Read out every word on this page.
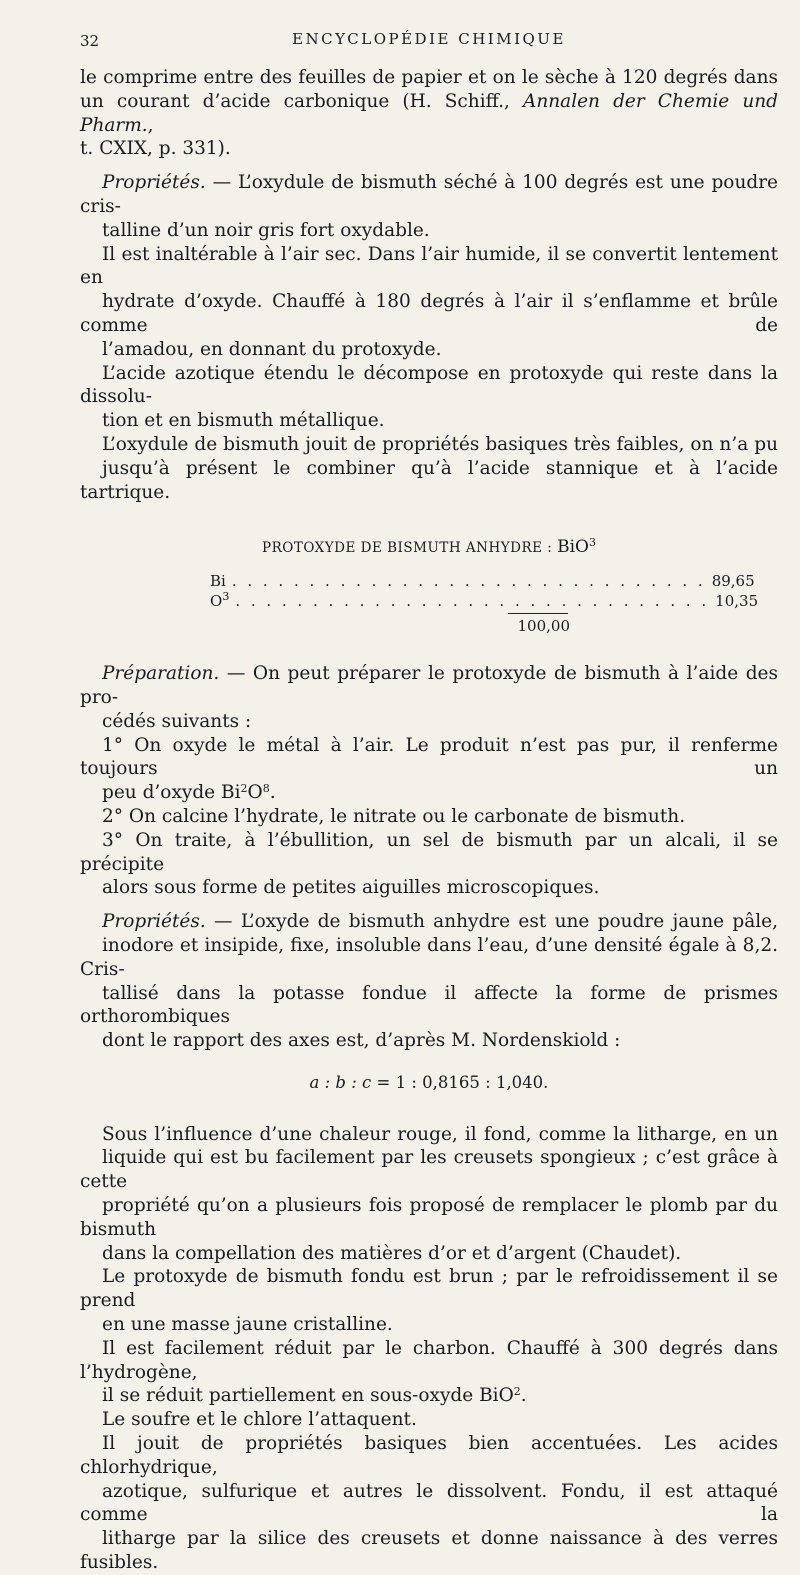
32	ENCYCLOPÉDIE CHIMIQUE

le comprime entre des feuilles de papier et on le sèche à 120 degrés dans
un courant d’acide carbonique (H. Schiff., Annalen der Chemie und Pharm.,
t. CXIX, p. 331).

Propriétés. — L’oxydule de bismuth séché à 100 degrés est une poudre cris-
talline d’un noir gris fort oxydable.

Il est inaltérable à l’air sec. Dans l’air humide, il se convertit lentement en
hydrate d’oxyde. Chauffé à 180 degrés à l’air il s’enflamme et brûle comme de
l’amadou, en donnant du protoxyde.

L’acide azotique étendu le décompose en protoxyde qui reste dans la dissolu-
tion et en bismuth métallique.

L’oxydule de bismuth jouit de propriétés basiques très faibles, on n’a pu
jusqu’à présent le combiner qu’à l’acide stannique et à l’acide tartrique.

PROTOXYDE DE BISMUTH ANHYDRE : BiO$^3$
Bi . . . . . . . . . . . . . . . . . . . . . . . . . . . . . . . 89,65
$O^3$ . . . . . . . . . . . . . . . . . . . . . . . . . . . . . . . 10,35
100,00

Préparation. — On peut préparer le protoxyde de bismuth à l’aide des pro-
cédés suivants :

1° On oxyde le métal à l’air. Le produit n’est pas pur, il renferme toujours un
peu d’oxyde $Bi^2O^8$.

2° On calcine l’hydrate, le nitrate ou le carbonate de bismuth.

3° On traite, à l’ébullition, un sel de bismuth par un alcali, il se précipite
alors sous forme de petites aiguilles microscopiques.

Propriétés. — L’oxyde de bismuth anhydre est une poudre jaune pâle,
inodore et insipide, fixe, insoluble dans l’eau, d’une densité égale à 8,2. Cris-
tallisé dans la potasse fondue il affecte la forme de prismes orthorombiques
dont le rapport des axes est, d’après M. Nordenskiold :

a : b : c = 1 : 0,8165 : 1,040.

Sous l’influence d’une chaleur rouge, il fond, comme la litharge, en un
liquide qui est bu facilement par les creusets spongieux ; c’est grâce à cette
propriété qu’on a plusieurs fois proposé de remplacer le plomb par du bismuth
dans la compellation des matières d’or et d’argent (Chaudet).

Le protoxyde de bismuth fondu est brun ; par le refroidissement il se prend
en une masse jaune cristalline.

Il est facilement réduit par le charbon. Chauffé à 300 degrés dans l’hydrogène,
il se réduit partiellement en sous-oxyde BiO$^2$.

Le soufre et le chlore l’attaquent.

Il jouit de propriétés basiques bien accentuées. Les acides chlorhydrique,
azotique, sulfurique et autres le dissolvent. Fondu, il est attaqué comme la
litharge par la silice des creusets et donne naissance à des verres fusibles.
